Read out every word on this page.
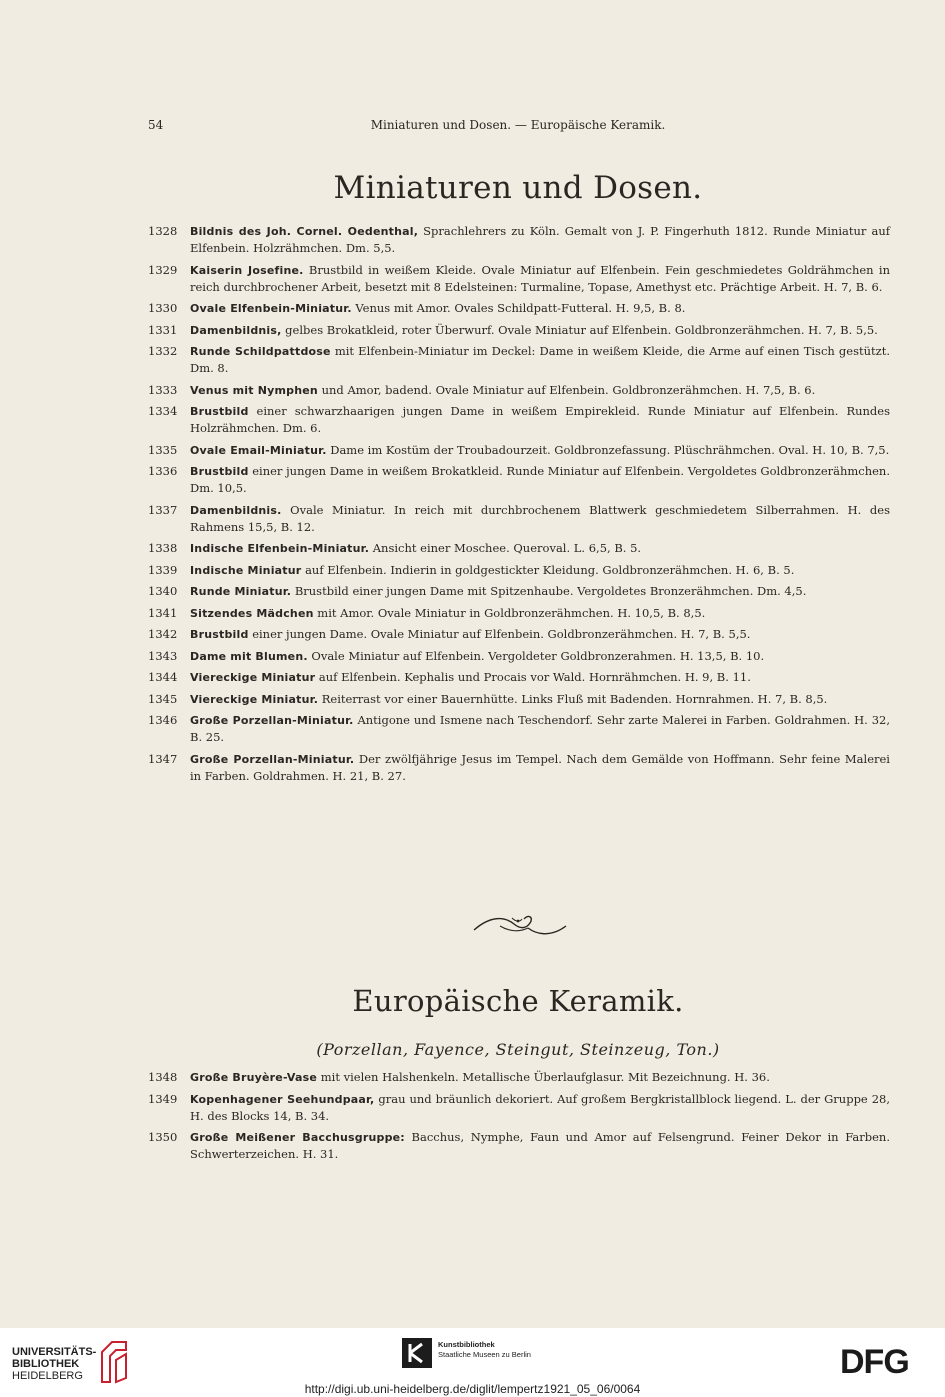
54	Miniaturen und Dosen. — Europäische Keramik.
Miniaturen und Dosen.
1328 Bildnis des Joh. Cornel. Oedenthal, Sprachlehrers zu Köln. Gemalt von J. P. Fingerhuth 1812. Runde Miniatur auf Elfenbein. Holzrähmchen. Dm. 5,5.
1329 Kaiserin Josefine. Brustbild in weißem Kleide. Ovale Miniatur auf Elfenbein. Fein geschmiedetes Goldrähmchen in reich durchbrochener Arbeit, besetzt mit 8 Edelsteinen: Turmaline, Topase, Amethyst etc. Prächtige Arbeit. H. 7, B. 6.
1330 Ovale Elfenbein-Miniatur. Venus mit Amor. Ovales Schildpatt-Futteral. H. 9,5, B. 8.
1331 Damenbildnis, gelbes Brokatkleid, roter Überwurf. Ovale Miniatur auf Elfenbein. Goldbronzerähmchen. H. 7, B. 5,5.
1332 Runde Schildpattdose mit Elfenbein-Miniatur im Deckel: Dame in weißem Kleide, die Arme auf einen Tisch gestützt. Dm. 8.
1333 Venus mit Nymphen und Amor, badend. Ovale Miniatur auf Elfenbein. Goldbronzerähmchen. H. 7,5, B. 6.
1334 Brustbild einer schwarzhaarigen jungen Dame in weißem Empirekleid. Runde Miniatur auf Elfenbein. Rundes Holzrähmchen. Dm. 6.
1335 Ovale Email-Miniatur. Dame im Kostüm der Troubadourzeit. Goldbronzefassung. Plüschrähmchen. Oval. H. 10, B. 7,5.
1336 Brustbild einer jungen Dame in weißem Brokatkleid. Runde Miniatur auf Elfenbein. Vergoldetes Goldbronzerähmchen. Dm. 10,5.
1337 Damenbildnis. Ovale Miniatur. In reich mit durchbrochenem Blattwerk geschmiedetem Silberrahmen. H. des Rahmens 15,5, B. 12.
1338 Indische Elfenbein-Miniatur. Ansicht einer Moschee. Queroval. L. 6,5, B. 5.
1339 Indische Miniatur auf Elfenbein. Indierin in goldgestickter Kleidung. Goldbronzerähmchen. H. 6, B. 5.
1340 Runde Miniatur. Brustbild einer jungen Dame mit Spitzenhaube. Vergoldetes Bronzerähmchen. Dm. 4,5.
1341 Sitzendes Mädchen mit Amor. Ovale Miniatur in Goldbronzerähmchen. H. 10,5, B. 8,5.
1342 Brustbild einer jungen Dame. Ovale Miniatur auf Elfenbein. Goldbronzerähmchen. H. 7, B. 5,5.
1343 Dame mit Blumen. Ovale Miniatur auf Elfenbein. Vergoldeter Goldbronzerahmen. H. 13,5, B. 10.
1344 Viereckige Miniatur auf Elfenbein. Kephalis und Procais vor Wald. Hornrähmchen. H. 9, B. 11.
1345 Viereckige Miniatur. Reiterrast vor einer Bauernhütte. Links Fluß mit Badenden. Hornrahmen. H. 7, B. 8,5.
1346 Große Porzellan-Miniatur. Antigone und Ismene nach Teschendorf. Sehr zarte Malerei in Farben. Goldrahmen. H. 32, B. 25.
1347 Große Porzellan-Miniatur. Der zwölfjährige Jesus im Tempel. Nach dem Gemälde von Hoffmann. Sehr feine Malerei in Farben. Goldrahmen. H. 21, B. 27.
Europäische Keramik.
(Porzellan, Fayence, Steingut, Steinzeug, Ton.)
1348 Große Bruyère-Vase mit vielen Halshenkeln. Metallische Überlaufglasur. Mit Bezeichnung. H. 36.
1349 Kopenhagener Seehundpaar, grau und bräunlich dekoriert. Auf großem Bergkristallblock liegend. L. der Gruppe 28, H. des Blocks 14, B. 34.
1350 Große Meißener Bacchusgruppe: Bacchus, Nymphe, Faun und Amor auf Felsengrund. Feiner Dekor in Farben. Schwerterzeichen. H. 31.
UNIVERSITÄTS-
BIBLIOTHEK
HEIDELBERG
Kunstbibliothek
Staatliche Museen zu Berlin	DFG
http://digi.ub.uni-heidelberg.de/diglit/lempertz1921_05_06/0064
